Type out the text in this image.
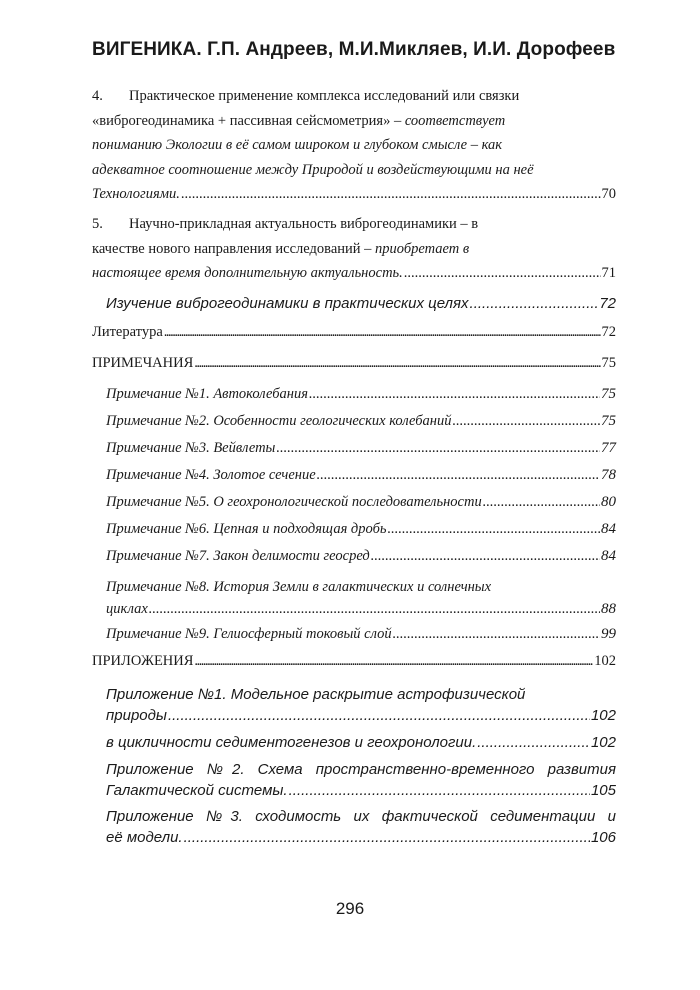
ВИГЕНИКА. Г.П. Андреев, М.И.Микляев, И.И. Дорофеев
4. Практическое применение комплекса исследований или связки
«виброгеодинамика + пассивная сейсмометрия» – соответствует
пониманию Экологии в её самом широком и глубоком смысле – как
адекватное соотношение между Природой и воздействующими на неё
Технологиями. .....	70
5. Научно-прикладная актуальность виброгеодинамики – в
качестве нового направления исследований – приобретает в
настоящее время дополнительную актуальность. .....	71
Изучение виброгеодинамики в практических целях .....	72
Литература .....	72
ПРИМЕЧАНИЯ .....	75
Примечание №1. Автоколебания .....	75
Примечание №2. Особенности геологических колебаний .....	75
Примечание №3. Вейвлеты .....	77
Примечание №4. Золотое сечение .....	78
Примечание №5. О геохронологической последовательности .....	80
Примечание №6. Цепная и подходящая дробь .....	84
Примечание №7. Закон делимости геосред .....	84
Примечание №8. История Земли в галактических и солнечных
циклах .....	88
Примечание №9. Гелиосферный токовый слой .....	99
ПРИЛОЖЕНИЯ .....	102
Приложение №1. Модельное раскрытие астрофизической
природы .....	102
в цикличности седиментогенезов и геохронологии. .....	102
Приложение №2. Схема пространственно-временного развития
Галактической системы. .....	105
Приложение №3. сходимость их фактической седиментации и
её модели. .....	106
296
